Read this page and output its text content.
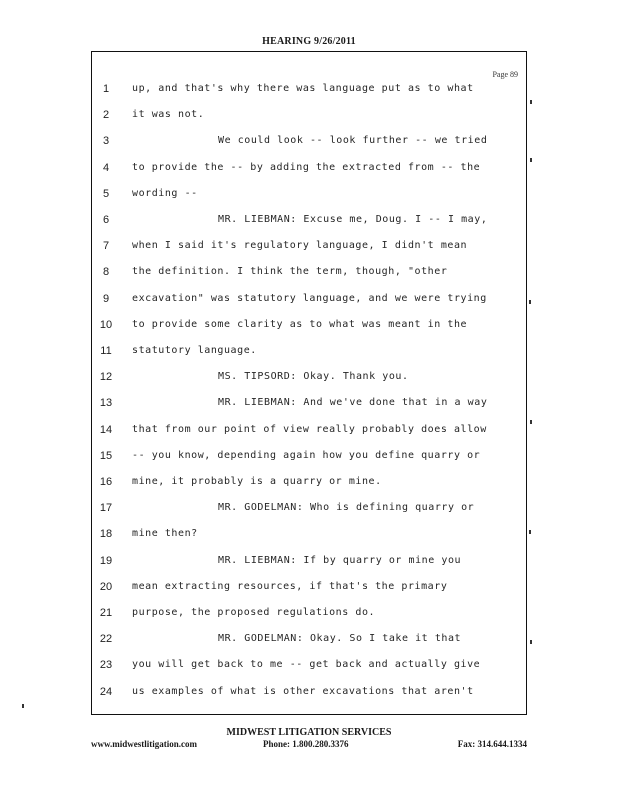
HEARING 9/26/2011
Page 89
1	up, and that's why there was language put as to what
2	it was not.
3	We could look -- look further -- we tried
4	to provide the -- by adding the extracted from -- the
5	wording --
6	MR. LIEBMAN: Excuse me, Doug. I -- I may,
7	when I said it's regulatory language, I didn't mean
8	the definition. I think the term, though, "other
9	excavation" was statutory language, and we were trying
10 to provide some clarity as to what was meant in the
11 statutory language.
12	MS. TIPSORD: Okay. Thank you.
13	MR. LIEBMAN: And we've done that in a way
14 that from our point of view really probably does allow
15 -- you know, depending again how you define quarry or
16 mine, it probably is a quarry or mine.
17	MR. GODELMAN: Who is defining quarry or
18 mine then?
19	MR. LIEBMAN: If by quarry or mine you
20 mean extracting resources, if that's the primary
21 purpose, the proposed regulations do.
22	MR. GODELMAN: Okay. So I take it that
23 you will get back to me -- get back and actually give
24 us examples of what is other excavations that aren't
MIDWEST LITIGATION SERVICES
www.midwestlitigation.com	Phone: 1.800.280.3376	Fax: 314.644.1334
